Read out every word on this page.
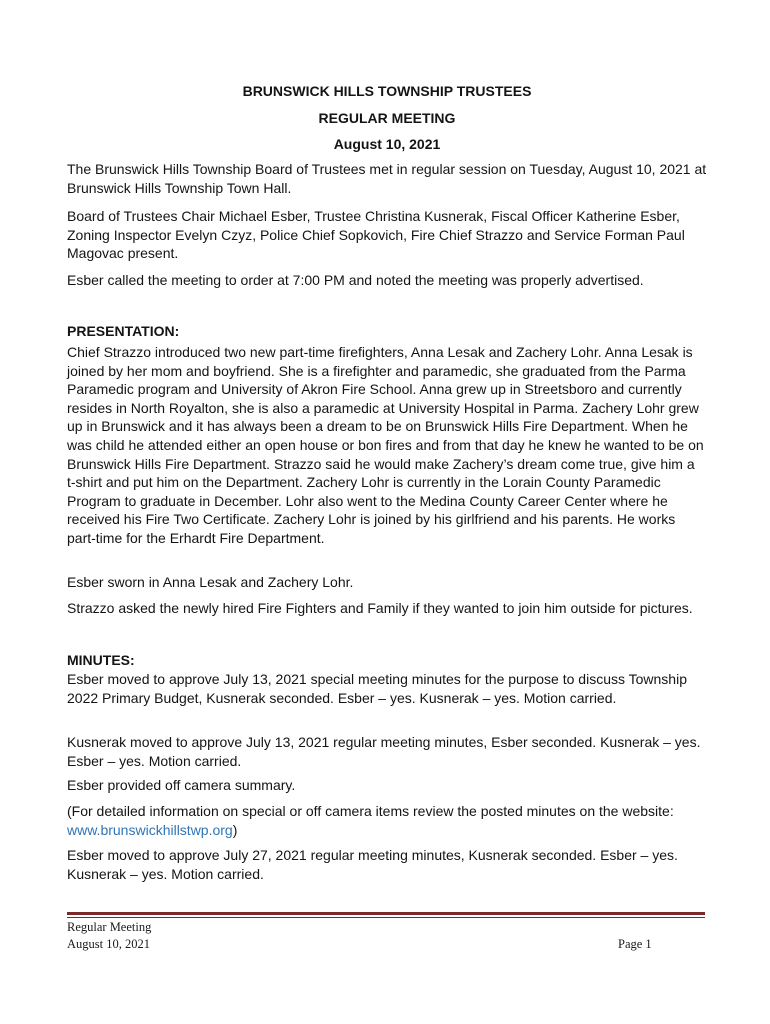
BRUNSWICK HILLS TOWNSHIP TRUSTEES
REGULAR MEETING
August 10, 2021

The Brunswick Hills Township Board of Trustees met in regular session on Tuesday, August 10, 2021 at Brunswick Hills Township Town Hall.

Board of Trustees Chair Michael Esber, Trustee Christina Kusnerak, Fiscal Officer Katherine Esber, Zoning Inspector Evelyn Czyz, Police Chief Sopkovich, Fire Chief Strazzo and Service Forman Paul Magovac present.

Esber called the meeting to order at 7:00 PM and noted the meeting was properly advertised.

PRESENTATION:

Chief Strazzo introduced two new part-time firefighters, Anna Lesak and Zachery Lohr. Anna Lesak is joined by her mom and boyfriend. She is a firefighter and paramedic, she graduated from the Parma Paramedic program and University of Akron Fire School. Anna grew up in Streetsboro and currently resides in North Royalton, she is also a paramedic at University Hospital in Parma. Zachery Lohr grew up in Brunswick and it has always been a dream to be on Brunswick Hills Fire Department. When he was child he attended either an open house or bon fires and from that day he knew he wanted to be on Brunswick Hills Fire Department. Strazzo said he would make Zachery’s dream come true, give him a t-shirt and put him on the Department. Zachery Lohr is currently in the Lorain County Paramedic Program to graduate in December. Lohr also went to the Medina County Career Center where he received his Fire Two Certificate. Zachery Lohr is joined by his girlfriend and his parents. He works part-time for the Erhardt Fire Department.

Esber sworn in Anna Lesak and Zachery Lohr.

Strazzo asked the newly hired Fire Fighters and Family if they wanted to join him outside for pictures.

MINUTES:

Esber moved to approve July 13, 2021 special meeting minutes for the purpose to discuss Township 2022 Primary Budget, Kusnerak seconded. Esber – yes. Kusnerak – yes. Motion carried.

Kusnerak moved to approve July 13, 2021 regular meeting minutes, Esber seconded. Kusnerak – yes. Esber – yes. Motion carried.

Esber provided off camera summary.

(For detailed information on special or off camera items review the posted minutes on the website: www.brunswickhillstwp.org)

Esber moved to approve July 27, 2021 regular meeting minutes, Kusnerak seconded. Esber – yes. Kusnerak – yes. Motion carried.

Regular Meeting
August 10, 2021	Page 1
